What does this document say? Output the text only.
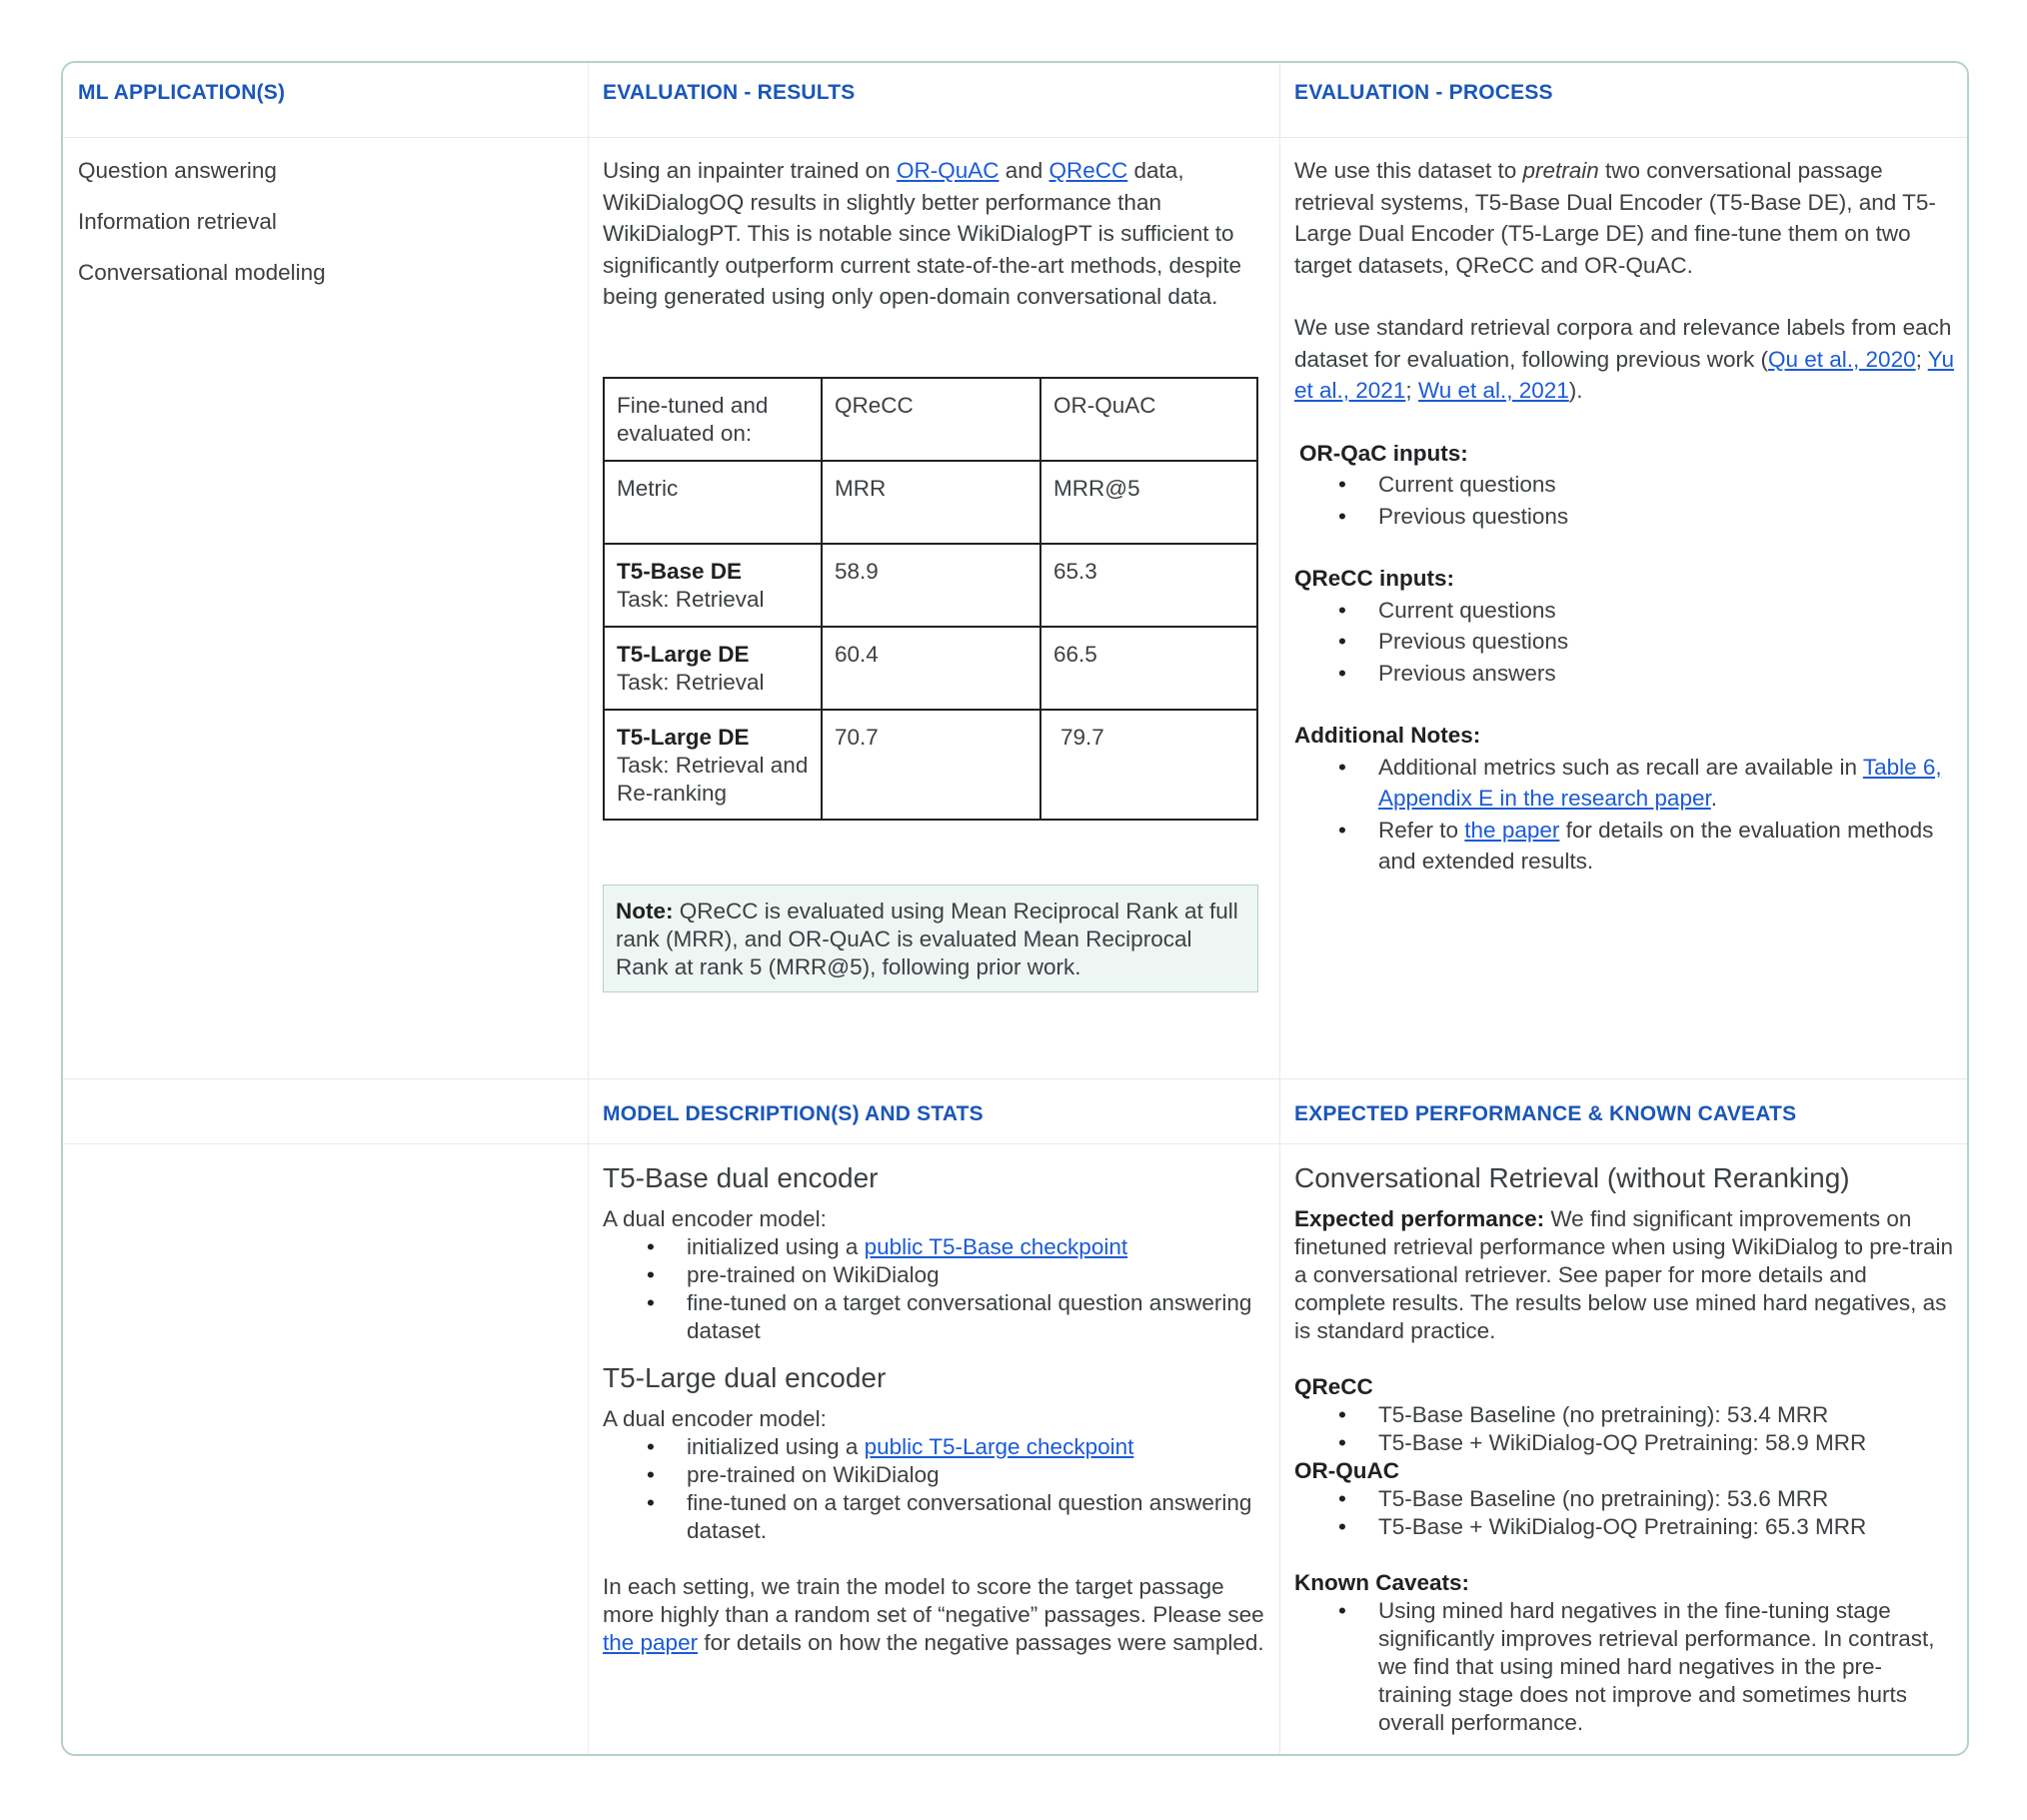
ML APPLICATION(S)
Question answering
Information retrieval
Conversational modeling
EVALUATION - RESULTS
Using an inpainter trained on OR-QuAC and QReCC data, WikiDialogOQ results in slightly better performance than WikiDialogPT. This is notable since WikiDialogPT is sufficient to significantly outperform current state-of-the-art methods, despite being generated using only open-domain conversational data.
Fine-tuned and evaluated on:	QReCC	OR-QuAC
Metric	MRR	MRR@5

T5-Base DE
Task: Retrieval	58.9	65.3

T5-Large DE
Task: Retrieval	60.4	66.5

T5-Large DE
Task: Retrieval and Re-ranking	70.7	79.7
Note: QReCC is evaluated using Mean Reciprocal Rank at full rank (MRR), and OR-QuAC is evaluated Mean Reciprocal Rank at rank 5 (MRR@5), following prior work.
MODEL DESCRIPTION(S) AND STATS
T5-Base dual encoder
A dual encoder model:
• initialized using a public T5-Base checkpoint
• pre-trained on WikiDialog
• fine-tuned on a target conversational question answering dataset
T5-Large dual encoder
A dual encoder model:
• initialized using a public T5-Large checkpoint
• pre-trained on WikiDialog
• fine-tuned on a target conversational question answering dataset.

In each setting, we train the model to score the target passage more highly than a random set of “negative” passages. Please see the paper for details on how the negative passages were sampled.

EVALUATION - PROCESS

We use this dataset to pretrain two conversational passage retrieval systems, T5-Base Dual Encoder (T5-Base DE), and T5-Large Dual Encoder (T5-Large DE) and fine-tune them on two target datasets, QReCC and OR-QuAC.

We use standard retrieval corpora and relevance labels from each dataset for evaluation, following previous work (Qu et al., 2020; Yu et al., 2021; Wu et al., 2021).

OR-QaC inputs:
• Current questions
• Previous questions
QReCC inputs:
• Current questions
• Previous questions
• Previous answers
Additional Notes:
• Additional metrics such as recall are available in Table 6, Appendix E in the research paper.
• Refer to the paper for details on the evaluation methods and extended results.
EXPECTED PERFORMANCE & KNOWN CAVEATS
Conversational Retrieval (without Reranking)

Expected performance: We find significant improvements on finetuned retrieval performance when using WikiDialog to pre-train a conversational retriever. See paper for more details and complete results. The results below use mined hard negatives, as is standard practice.

QReCC
• T5-Base Baseline (no pretraining): 53.4 MRR
• T5-Base + WikiDialog-OQ Pretraining: 58.9 MRR
OR-QuAC
• T5-Base Baseline (no pretraining): 53.6 MRR
• T5-Base + WikiDialog-OQ Pretraining: 65.3 MRR
Known Caveats:
• Using mined hard negatives in the fine-tuning stage significantly improves retrieval performance. In contrast, we find that using mined hard negatives in the pre-training stage does not improve and sometimes hurts overall performance.
